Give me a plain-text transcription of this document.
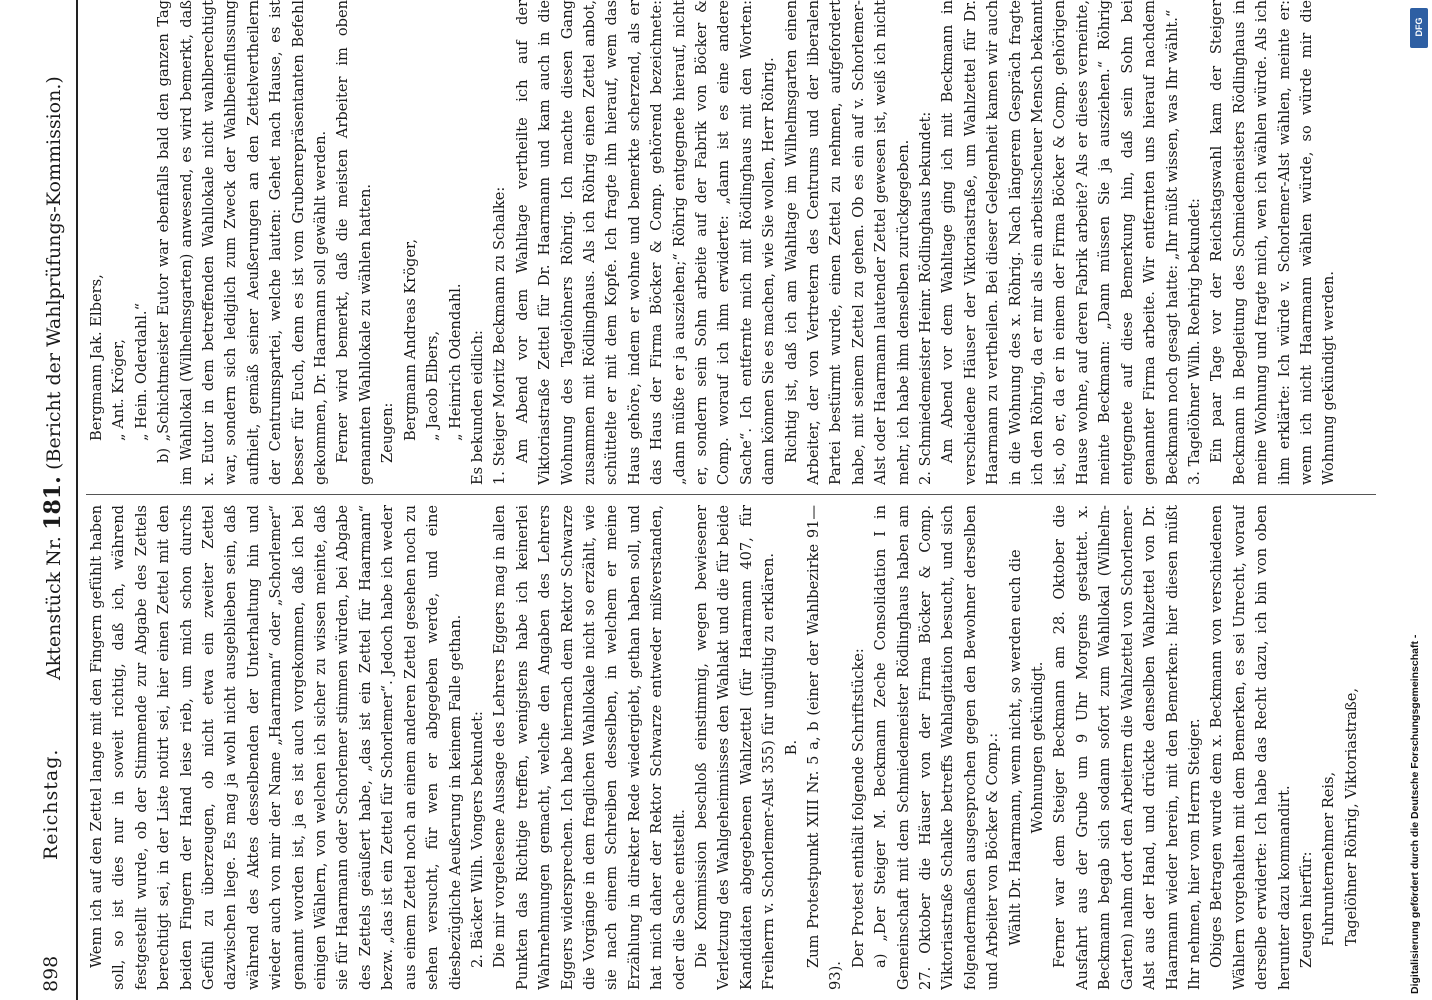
898
Reichstag.
Aktenstück Nr. 181. (Bericht der Wahlprüfungs-Kommission.)

Wenn ich auf den Zettel lange mit den Fingern gefühlt haben soll, so ist dies nur in soweit richtig, daß ich, während festgestellt wurde, ob der Stimmende zur Abgabe des Zettels berechtigt sei, in der Liste notirt sei, hier einen Zettel mit den beiden Fingern der Hand leise rieb, um mich schon durchs Gefühl zu überzeugen, ob nicht etwa ein zweiter Zettel dazwischen liege. Es mag ja wohl nicht ausgeblieben sein, daß während des Aktes desselbenden der Unterhaltung hin und wieder auch von mir der Name „Haarmann“ oder „Schorlemer“ genannt worden ist, ja es ist auch vorgekommen, daß ich bei einigen Wählern, von welchen ich sicher zu wissen meinte, daß sie für Haarmann oder Schorlemer stimmen würden, bei Abgabe des Zettels geäußert habe, „das ist ein Zettel für Haarmann“ bezw. „das ist ein Zettel für Schorlemer“. Jedoch habe ich weder aus einem Zettel noch an einem anderen Zettel gesehen noch zu sehen versucht, für wen er abgegeben werde, und eine diesbezügliche Aeußerung in keinem Falle gethan. 2. Bäcker Wilh. Vongers bekundet: Die mir vorgelesene Aussage des Lehrers Eggers mag in allen Punkten das Richtige treffen, wenigstens habe ich keinerlei Wahrnehmungen gemacht, welche den Angaben des Lehrers Eggers widersprechen. Ich habe hiernach dem Rektor Schwarze die Vorgänge in dem fraglichen Wahllokale nicht so erzählt, wie sie nach einem Schreiben desselben, in welchem er meine Erzählung in direkter Rede wiedergiebt, gethan haben soll, und hat mich daher der Rektor Schwarze entweder mißverstanden, oder die Sache entstellt. Die Kommission beschloß einstimmig, wegen bewiesener Verletzung des Wahlgeheimnisses den Wahlakt und die für beide Kandidaten abgegebenen Wahlzettel (für Haarmann 407, für Freiherrn v. Schorlemer-Alst 355) für ungültig zu erklären. B. Zum Protestpunkt XIII Nr. 5 a, b (einer der Wahlbezirke 91—93).

Der Protest enthält folgende Schriftstücke: a) „Der Steiger M. Beckmann Zeche Consolidation I in Gemeinschaft mit dem Schmiedemeister Rödlinghaus haben am 27. Oktober die Häuser von der Firma Böcker & Comp. Viktoriastraße Schalke betreffs Wahlagitation besucht, und sich folgendermaßen ausgesprochen gegen den Bewohner derselben und Arbeiter von Böcker & Comp.: Wählt Dr. Haarmann, wenn nicht, so werden euch die Wohnungen gekündigt. Ferner war dem Steiger Beckmann am 28. Oktober die Ausfahrt aus der Grube um 9 Uhr Morgens gestattet. x. Beckmann begab sich sodann sofort zum Wahllokal (Wilhelm-Garten) nahm dort den Arbeitern die Wahlzettel von Schorlemer-Alst aus der Hand, und drückte denselben Wahlzettel von Dr. Haarmann wieder herein, mit den Bemerken: hier diesen müßt Ihr nehmen, hier vom Herrn Steiger. Obiges Betragen wurde dem x. Beckmann von verschiedenen Wählern vorgehalten mit dem Bemerken, es sei Unrecht, worauf derselbe erwiderte: Ich habe das Recht dazu, ich bin von oben herunter dazu kommandirt. Zeugen hierfür: Fuhrunternehmer Reis, Tagelöhner Röhrig, Viktoriastraße,

Bergmann Jak. Elbers, „ Ant. Kröger, „ Hein. Oderdahl.“ b) „Schichtmeister Eutor war ebenfalls bald den ganzen Tag im Wahllokal (Wilhelmsgarten) anwesend, es wird bemerkt, daß x. Eutor in dem betreffenden Wahllokale nicht wahlberechtigt war, sondern sich lediglich zum Zweck der Wahlbeeinflussung aufhielt, gemäß seiner Aeußerungen an den Zettelvertheilern der Centrumspartei, welche lauten: Gehet nach Hause, es ist besser für Euch, denn es ist vom Grubenrepräsentanten Befehl gekommen, Dr. Haarmann soll gewählt werden. Ferner wird bemerkt, daß die meisten Arbeiter im oben genannten Wahllokale zu wählen hatten. Zeugen: Bergmann Andreas Kröger, „ Jacob Elbers, „ Heinrich Odendahl. Es bekunden eidlich: 1. Steiger Moritz Beckmann zu Schalke: Am Abend vor dem Wahltage vertheilte ich auf der Viktoriastraße Zettel für Dr. Haarmann und kam auch in die Wohnung des Tagelöhners Röhrig. Ich machte diesen Gang zusammen mit Rödlinghaus. Als ich Röhrig einen Zettel anbot, schüttelte er mit dem Kopfe. Ich fragte ihn hierauf, wem das Haus gehöre, indem er wohne und bemerkte scherzend, als er das Haus der Firma Böcker & Comp. gehörend bezeichnete: „dann müßte er ja ausziehen;“ Röhrig entgegnete hierauf, nicht er, sondern sein Sohn arbeite auf der Fabrik von Böcker & Comp. worauf ich ihm erwiderte: „dann ist es eine andere Sache“. Ich entfernte mich mit Rödlinghaus mit den Worten: dann können Sie es machen, wie Sie wollen, Herr Röhrig. Richtig ist, daß ich am Wahltage im Wilhelmsgarten einen Arbeiter, der von Vertretern des Centrums und der liberalen Partei bestürmt wurde, einen Zettel zu nehmen, aufgefordert habe, mit seinem Zettel zu gehen. Ob es ein auf v. Schorlemer-Alst oder Haarmann lautender Zettel gewesen ist, weiß ich nicht mehr, ich habe ihm denselben zurückgegeben. 2. Schmiedemeister Heinr. Rödlinghaus bekundet: Am Abend vor dem Wahltage ging ich mit Beckmann in verschiedene Häuser der Viktoriastraße, um Wahlzettel für Dr. Haarmann zu vertheilen. Bei dieser Gelegenheit kamen wir auch in die Wohnung des x. Röhrig. Nach längerem Gespräch fragte ich den Röhrig, da er mir als ein arbeitsscheuer Mensch bekannt ist, ob er, da er in einem der Firma Böcker & Comp. gehörigen Hause wohne, auf deren Fabrik arbeite? Als er dieses verneinte, meinte Beckmann: „Dann müssen Sie ja ausziehen.“ Röhrig entgegnete auf diese Bemerkung hin, daß sein Sohn bei genannter Firma arbeite. Wir entfernten uns hierauf nachdem Beckmann noch gesagt hatte: „Ihr müßt wissen, was Ihr wählt.“ 3. Tagelöhner Wilh. Roehrig bekundet: Ein paar Tage vor der Reichstagswahl kam der Steiger Beckmann in Begleitung des Schmiedemeisters Rödlinghaus in meine Wohnung und fragte mich, wen ich wählen würde. Als ich ihm erklärte: Ich würde v. Schorlemer-Alst wählen, meinte er: wenn ich nicht Haarmann wählen würde, so würde mir die Wohnung gekündigt werden.

Digitalisierung gefördert durch die Deutsche Forschungsgemeinschaft -
DFG
